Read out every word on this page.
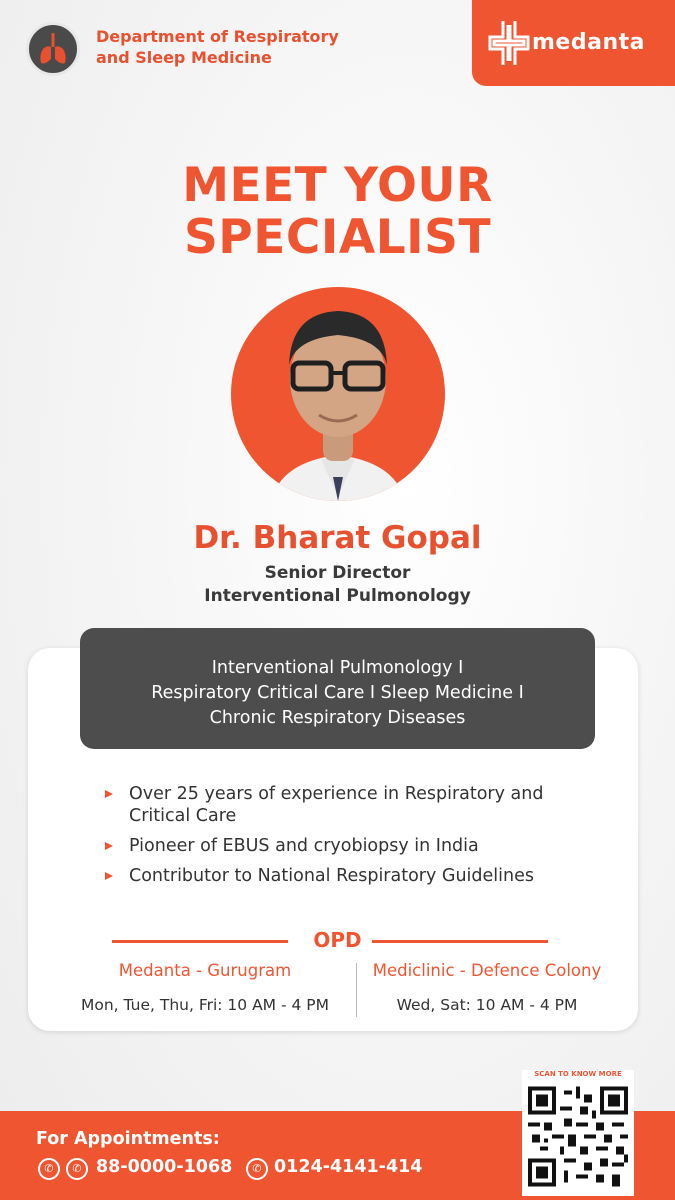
Department of Respiratory and Sleep Medicine
medanta
MEET YOUR
SPECIALIST
Dr. Bharat Gopal
Senior Director
Interventional Pulmonology
Interventional Pulmonology I
Respiratory Critical Care I Sleep Medicine I
Chronic Respiratory Diseases
Over 25 years of experience in Respiratory and Critical Care
Pioneer of EBUS and cryobiopsy in India
Contributor to National Respiratory Guidelines
OPD
Medanta - Gurugram	Mediclinic - Defence Colony
Mon, Tue, Thu, Fri: 10 AM - 4 PM	Wed, Sat: 10 AM - 4 PM
For Appointments:
✆	✆ 88-0000-1068	✆ 0124-4141-414
SCAN TO KNOW MORE
